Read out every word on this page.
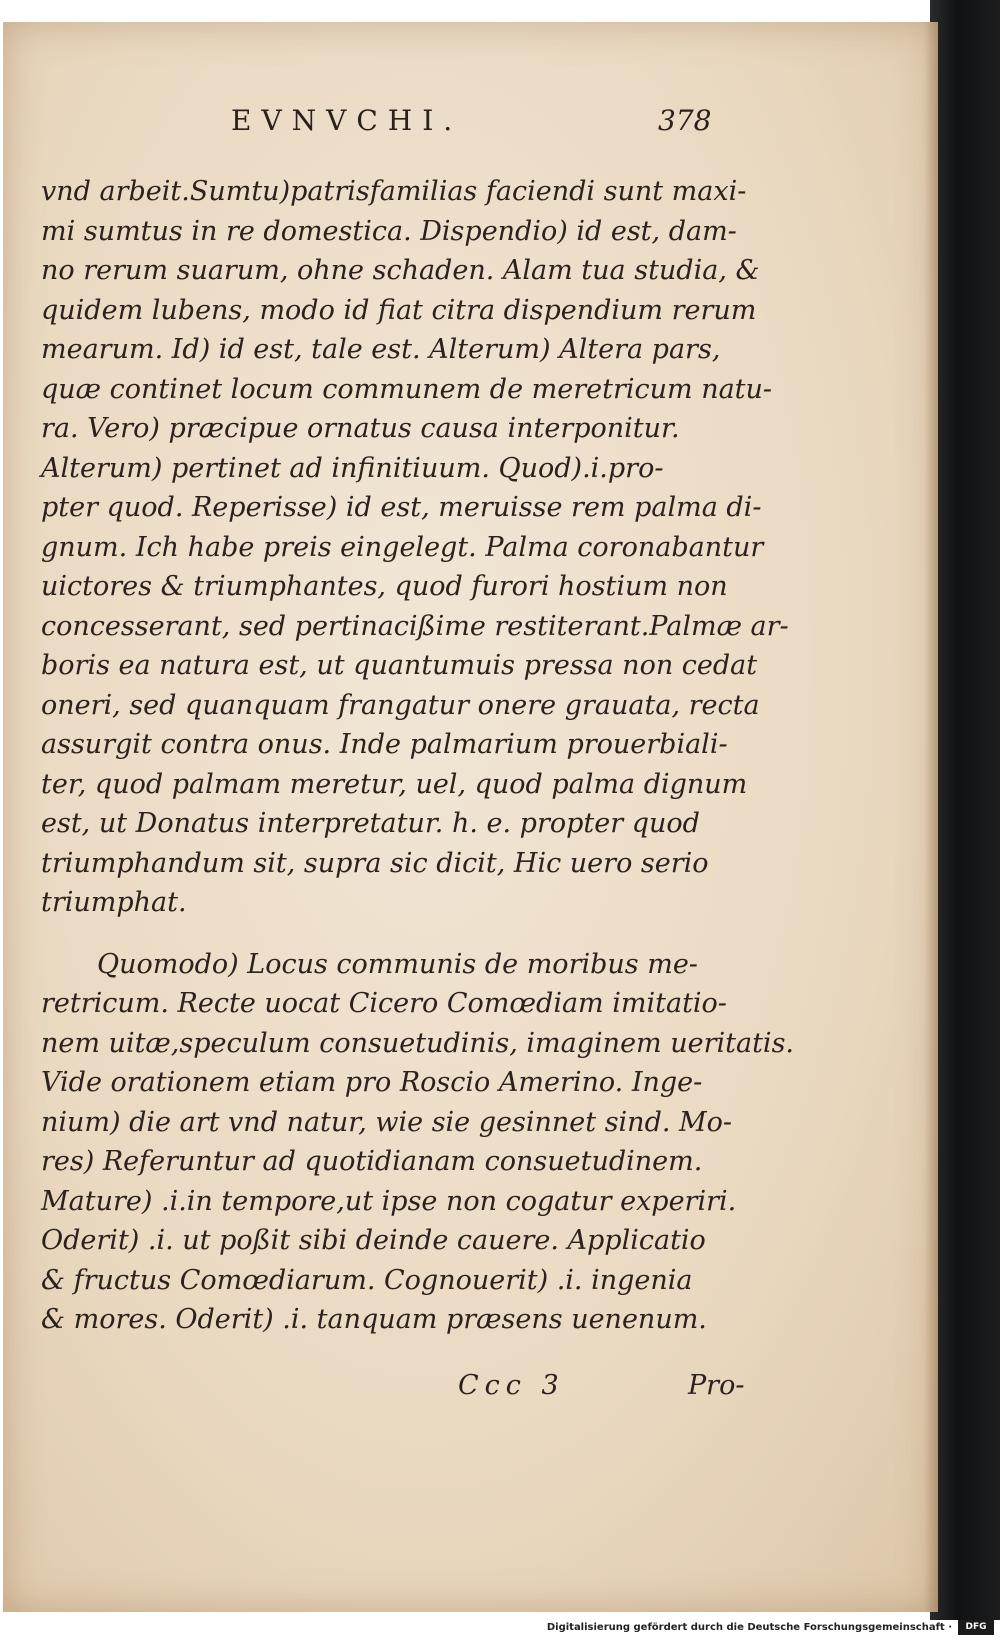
EVNVCHI.	378
vnd arbeit.Sumtu)patrisfamilias faciendi sunt maxi-
mi sumtus in re domestica. Dispendio) id est, dam-
no rerum suarum, ohne schaden. Alam tua studia, &
quidem lubens, modo id fiat citra dispendium rerum
mearum. Id) id est, tale est. Alterum) Altera pars,
quæ continet locum communem de meretricum natu-
ra. Vero) præcipue ornatus causa interponitur.
Alterum) pertinet ad infinitiuum. Quod).i.pro-
pter quod. Reperisse) id est, meruisse rem palma di-
gnum. Ich habe preis eingelegt. Palma coronabantur
uictores & triumphantes, quod furori hostium non
concesserant, sed pertinacißime restiterant.Palmæ ar-
boris ea natura est, ut quantumuis pressa non cedat
oneri, sed quanquam frangatur onere grauata, recta
assurgit contra onus. Inde palmarium prouerbiali-
ter, quod palmam meretur, uel, quod palma dignum
est, ut Donatus interpretatur. h. e. propter quod
triumphandum sit, supra sic dicit, Hic uero serio
triumphat.
Quomodo) Locus communis de moribus me-
retricum. Recte uocat Cicero Comœdiam imitatio-
nem uitæ,speculum consuetudinis, imaginem ueritatis.
Vide orationem etiam pro Roscio Amerino. Inge-
nium) die art vnd natur, wie sie gesinnet sind. Mo-
res) Referuntur ad quotidianam consuetudinem.
Mature) .i.in tempore,ut ipse non cogatur experiri.
Oderit) .i. ut poßit sibi deinde cauere. Applicatio
& fructus Comœdiarum. Cognouerit) .i. ingenia
& mores. Oderit) .i. tanquam præsens uenenum.
Ccc 3	Pro-
Digitalisierung gefördert durch die Deutsche Forschungsgemeinschaft ·	DFG
